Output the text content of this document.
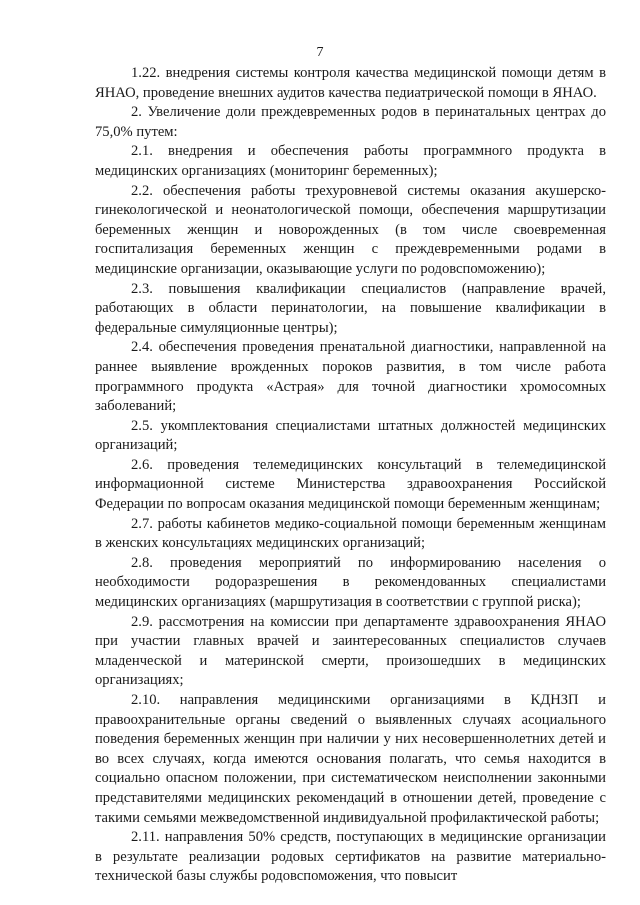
7

1.22. внедрения системы контроля качества медицинской помощи детям в ЯНАО, проведение внешних аудитов качества педиатрической помощи в ЯНАО.

2. Увеличение доли преждевременных родов в перинатальных центрах до 75,0% путем:

2.1. внедрения и обеспечения работы программного продукта в медицинских организациях (мониторинг беременных);

2.2. обеспечения работы трехуровневой системы оказания акушерско-гинекологической и неонатологической помощи, обеспечения маршрутизации беременных женщин и новорожденных (в том числе своевременная госпитализация беременных женщин с преждевременными родами в медицинские организации, оказывающие услуги по родовспоможению);

2.3. повышения квалификации специалистов (направление врачей, работающих в области перинатологии, на повышение квалификации в федеральные симуляционные центры);

2.4. обеспечения проведения пренатальной диагностики, направленной на раннее выявление врожденных пороков развития, в том числе работа программного продукта «Астрая» для точной диагностики хромосомных заболеваний;

2.5. укомплектования специалистами штатных должностей медицинских организаций;

2.6. проведения телемедицинских консультаций в телемедицинской информационной системе Министерства здравоохранения Российской Федерации по вопросам оказания медицинской помощи беременным женщинам;

2.7. работы кабинетов медико-социальной помощи беременным женщинам в женских консультациях медицинских организаций;

2.8. проведения мероприятий по информированию населения о необходимости родоразрешения в рекомендованных специалистами медицинских организациях (маршрутизация в соответствии с группой риска);

2.9. рассмотрения на комиссии при департаменте здравоохранения ЯНАО при участии главных врачей и заинтересованных специалистов случаев младенческой и материнской смерти, произошедших в медицинских организациях;

2.10. направления медицинскими организациями в КДНЗП и правоохранительные органы сведений о выявленных случаях асоциального поведения беременных женщин при наличии у них несовершеннолетних детей и во всех случаях, когда имеются основания полагать, что семья находится в социально опасном положении, при систематическом неисполнении законными представителями медицинских рекомендаций в отношении детей, проведение с такими семьями межведомственной индивидуальной профилактической работы;

2.11. направления 50% средств, поступающих в медицинские организации в результате реализации родовых сертификатов на развитие материально-технической базы службы родовспоможения, что повысит
